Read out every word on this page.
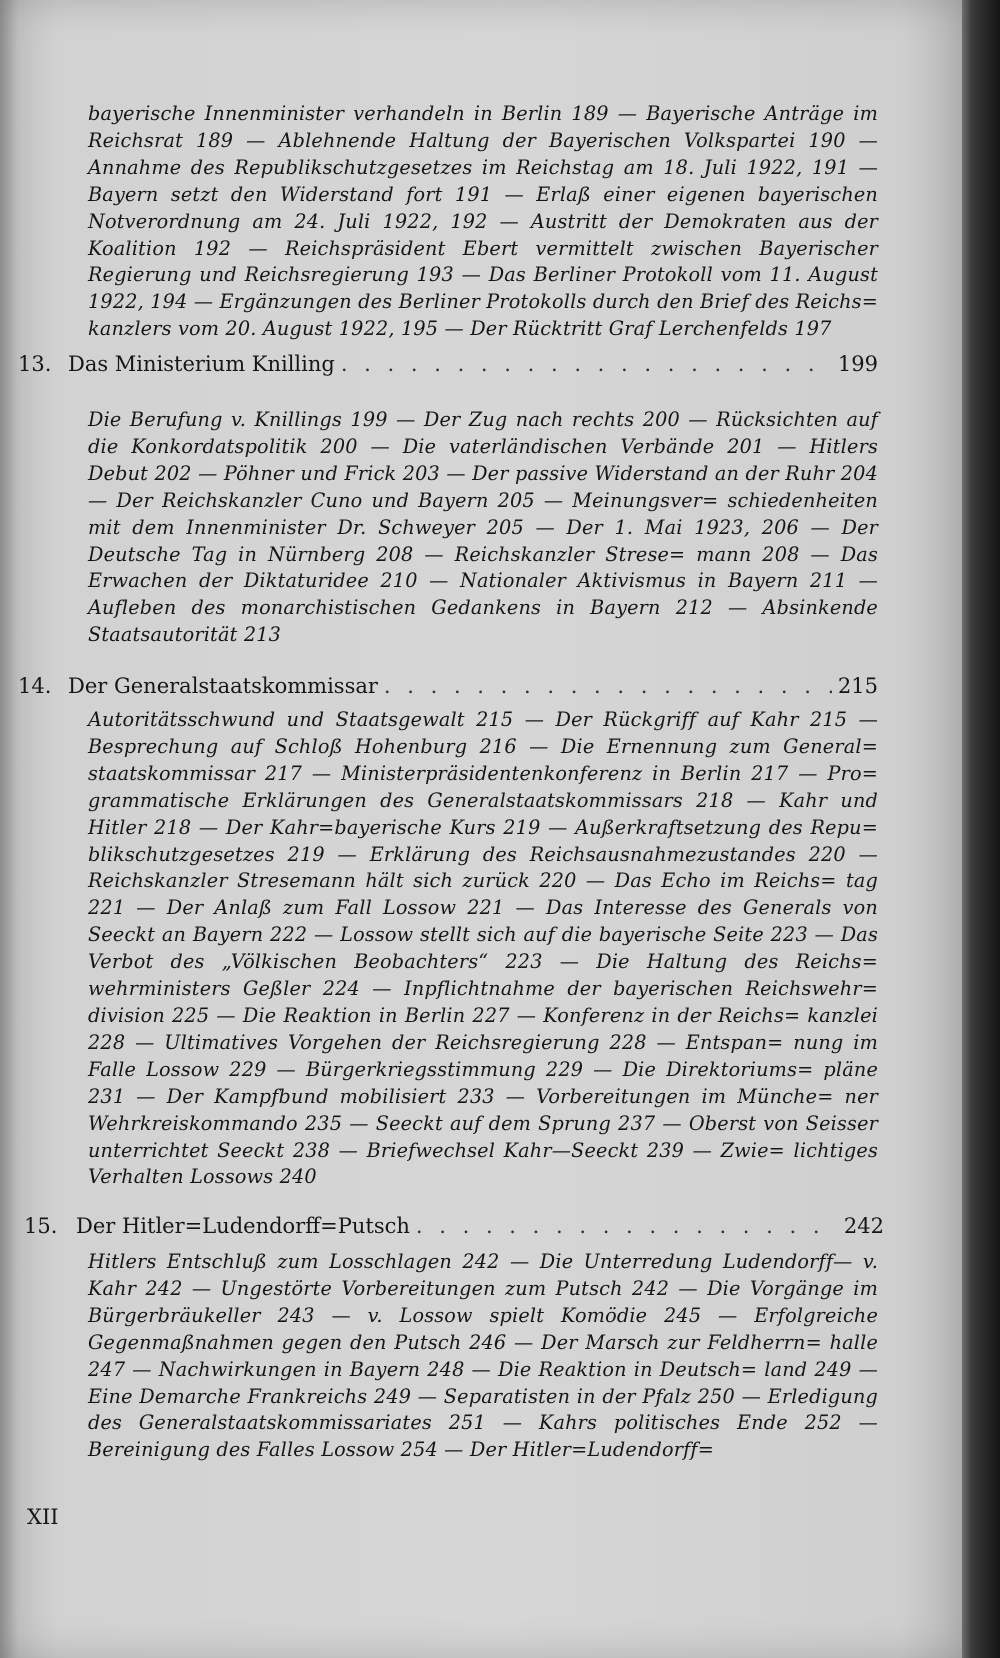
bayerische Innenminister verhandeln in Berlin 189 — Bayerische Anträge im Reichsrat 189 — Ablehnende Haltung der Bayerischen Volkspartei 190 — Annahme des Republikschutzgesetzes im Reichstag am 18. Juli 1922, 191 — Bayern setzt den Widerstand fort 191 — Erlaß einer eigenen bayerischen Notverordnung am 24. Juli 1922, 192 — Austritt der Demokraten aus der Koalition 192 — Reichspräsident Ebert vermittelt zwischen Bayerischer Regierung und Reichsregierung 193 — Das Berliner Protokoll vom 11. August 1922, 194 — Ergänzungen des Berliner Protokolls durch den Brief des Reichs= kanzlers vom 20. August 1922, 195 — Der Rücktritt Graf Lerchenfelds 197

13. Das Ministerium Knilling . . .	199

Die Berufung v. Knillings 199 — Der Zug nach rechts 200 — Rücksichten auf die Konkordatspolitik 200 — Die vaterländischen Verbände 201 — Hitlers Debut 202 — Pöhner und Frick 203 — Der passive Widerstand an der Ruhr 204 — Der Reichskanzler Cuno und Bayern 205 — Meinungsver= schiedenheiten mit dem Innenminister Dr. Schweyer 205 — Der 1. Mai 1923, 206 — Der Deutsche Tag in Nürnberg 208 — Reichskanzler Strese= mann 208 — Das Erwachen der Diktaturidee 210 — Nationaler Aktivismus in Bayern 211 — Aufleben des monarchistischen Gedankens in Bayern 212 — Absinkende Staatsautorität 213

14. Der Generalstaatskommissar . . .	215

Autoritätsschwund und Staatsgewalt 215 — Der Rückgriff auf Kahr 215 — Besprechung auf Schloß Hohenburg 216 — Die Ernennung zum General= staatskommissar 217 — Ministerpräsidentenkonferenz in Berlin 217 — Pro= grammatische Erklärungen des Generalstaatskommissars 218 — Kahr und Hitler 218 — Der Kahr=bayerische Kurs 219 — Außerkraftsetzung des Repu= blikschutzgesetzes 219 — Erklärung des Reichsausnahmezustandes 220 — Reichskanzler Stresemann hält sich zurück 220 — Das Echo im Reichs= tag 221 — Der Anlaß zum Fall Lossow 221 — Das Interesse des Generals von Seeckt an Bayern 222 — Lossow stellt sich auf die bayerische Seite 223 — Das Verbot des „Völkischen Beobachters“ 223 — Die Haltung des Reichs= wehrministers Geßler 224 — Inpflichtnahme der bayerischen Reichswehr= division 225 — Die Reaktion in Berlin 227 — Konferenz in der Reichs= kanzlei 228 — Ultimatives Vorgehen der Reichsregierung 228 — Entspan= nung im Falle Lossow 229 — Bürgerkriegsstimmung 229 — Die Direktoriums= pläne 231 — Der Kampfbund mobilisiert 233 — Vorbereitungen im Münche= ner Wehrkreiskommando 235 — Seeckt auf dem Sprung 237 — Oberst von Seisser unterrichtet Seeckt 238 — Briefwechsel Kahr—Seeckt 239 — Zwie= lichtiges Verhalten Lossows 240

15. Der Hitler=Ludendorff=Putsch . . .	242

Hitlers Entschluß zum Losschlagen 242 — Die Unterredung Ludendorff— v. Kahr 242 — Ungestörte Vorbereitungen zum Putsch 242 — Die Vorgänge im Bürgerbräukeller 243 — v. Lossow spielt Komödie 245 — Erfolgreiche Gegenmaßnahmen gegen den Putsch 246 — Der Marsch zur Feldherrn= halle 247 — Nachwirkungen in Bayern 248 — Die Reaktion in Deutsch= land 249 — Eine Demarche Frankreichs 249 — Separatisten in der Pfalz 250 — Erledigung des Generalstaatskommissariates 251 — Kahrs politisches Ende 252 — Bereinigung des Falles Lossow 254 — Der Hitler=Ludendorff=

XII
